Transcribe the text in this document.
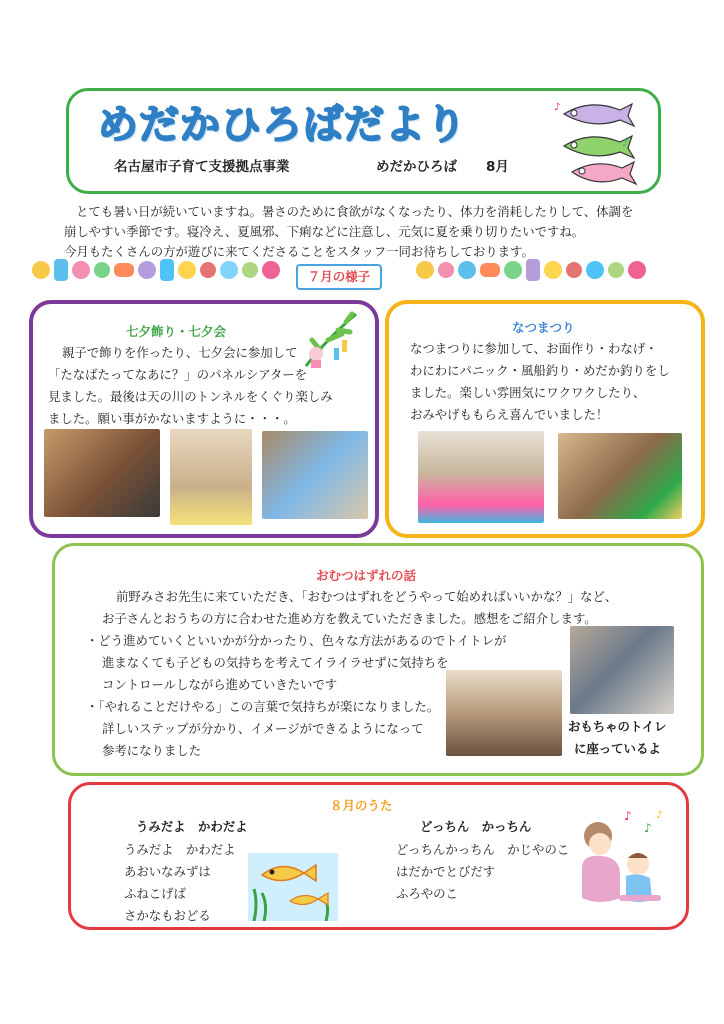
めだかひろばだより
名古屋市子育て支援拠点事業	めだかひろば 8月
♪
♪
とても暑い日が続いていますね。暑さのために食欲がなくなったり、体力を消耗したりして、体調を
崩しやすい季節です。寝冷え、夏風邪、下痢などに注意し、元気に夏を乗り切りたいですね。
今月もたくさんの方が遊びに来てくださることをスタッフ一同お待ちしております。
７月の様子
七夕飾り・七夕会
親子で飾りを作ったり、七夕会に参加して
「たなばたってなあに？」のパネルシアターを
見ました。最後は天の川のトンネルをくぐり楽しみ
ました。願い事がかないますように・・・。
なつまつり
なつまつりに参加して、お面作り・わなげ・
わにわにパニック・風船釣り・めだか釣りをし
ました。楽しい雰囲気にワクワクしたり、
おみやげももらえ喜んでいました！
おむつはずれの話
前野みさお先生に来ていただき、「おむつはずれをどうやって始めればいいかな？」など、
お子さんとおうちの方に合わせた進め方を教えていただきました。感想をご紹介します。
・どう進めていくといいかが分かったり、色々な方法があるのでトイトレが
進まなくても子どもの気持ちを考えてイライラせずに気持ちを
コントロールしながら進めていきたいです
・「やれることだけやる」この言葉で気持ちが楽になりました。
詳しいステップが分かり、イメージができるようになって
参考になりました
おもちゃのトイレ
に座っているよ
８月のうた
うみだよ　かわだよ
うみだよ　かわだよ
あおいなみずは
ふねこげば
さかなもおどる
どっちん　かっちん
どっちんかっちん　かじやのこ
はだかでとびだす
ふろやのこ
♪
♪
♪
